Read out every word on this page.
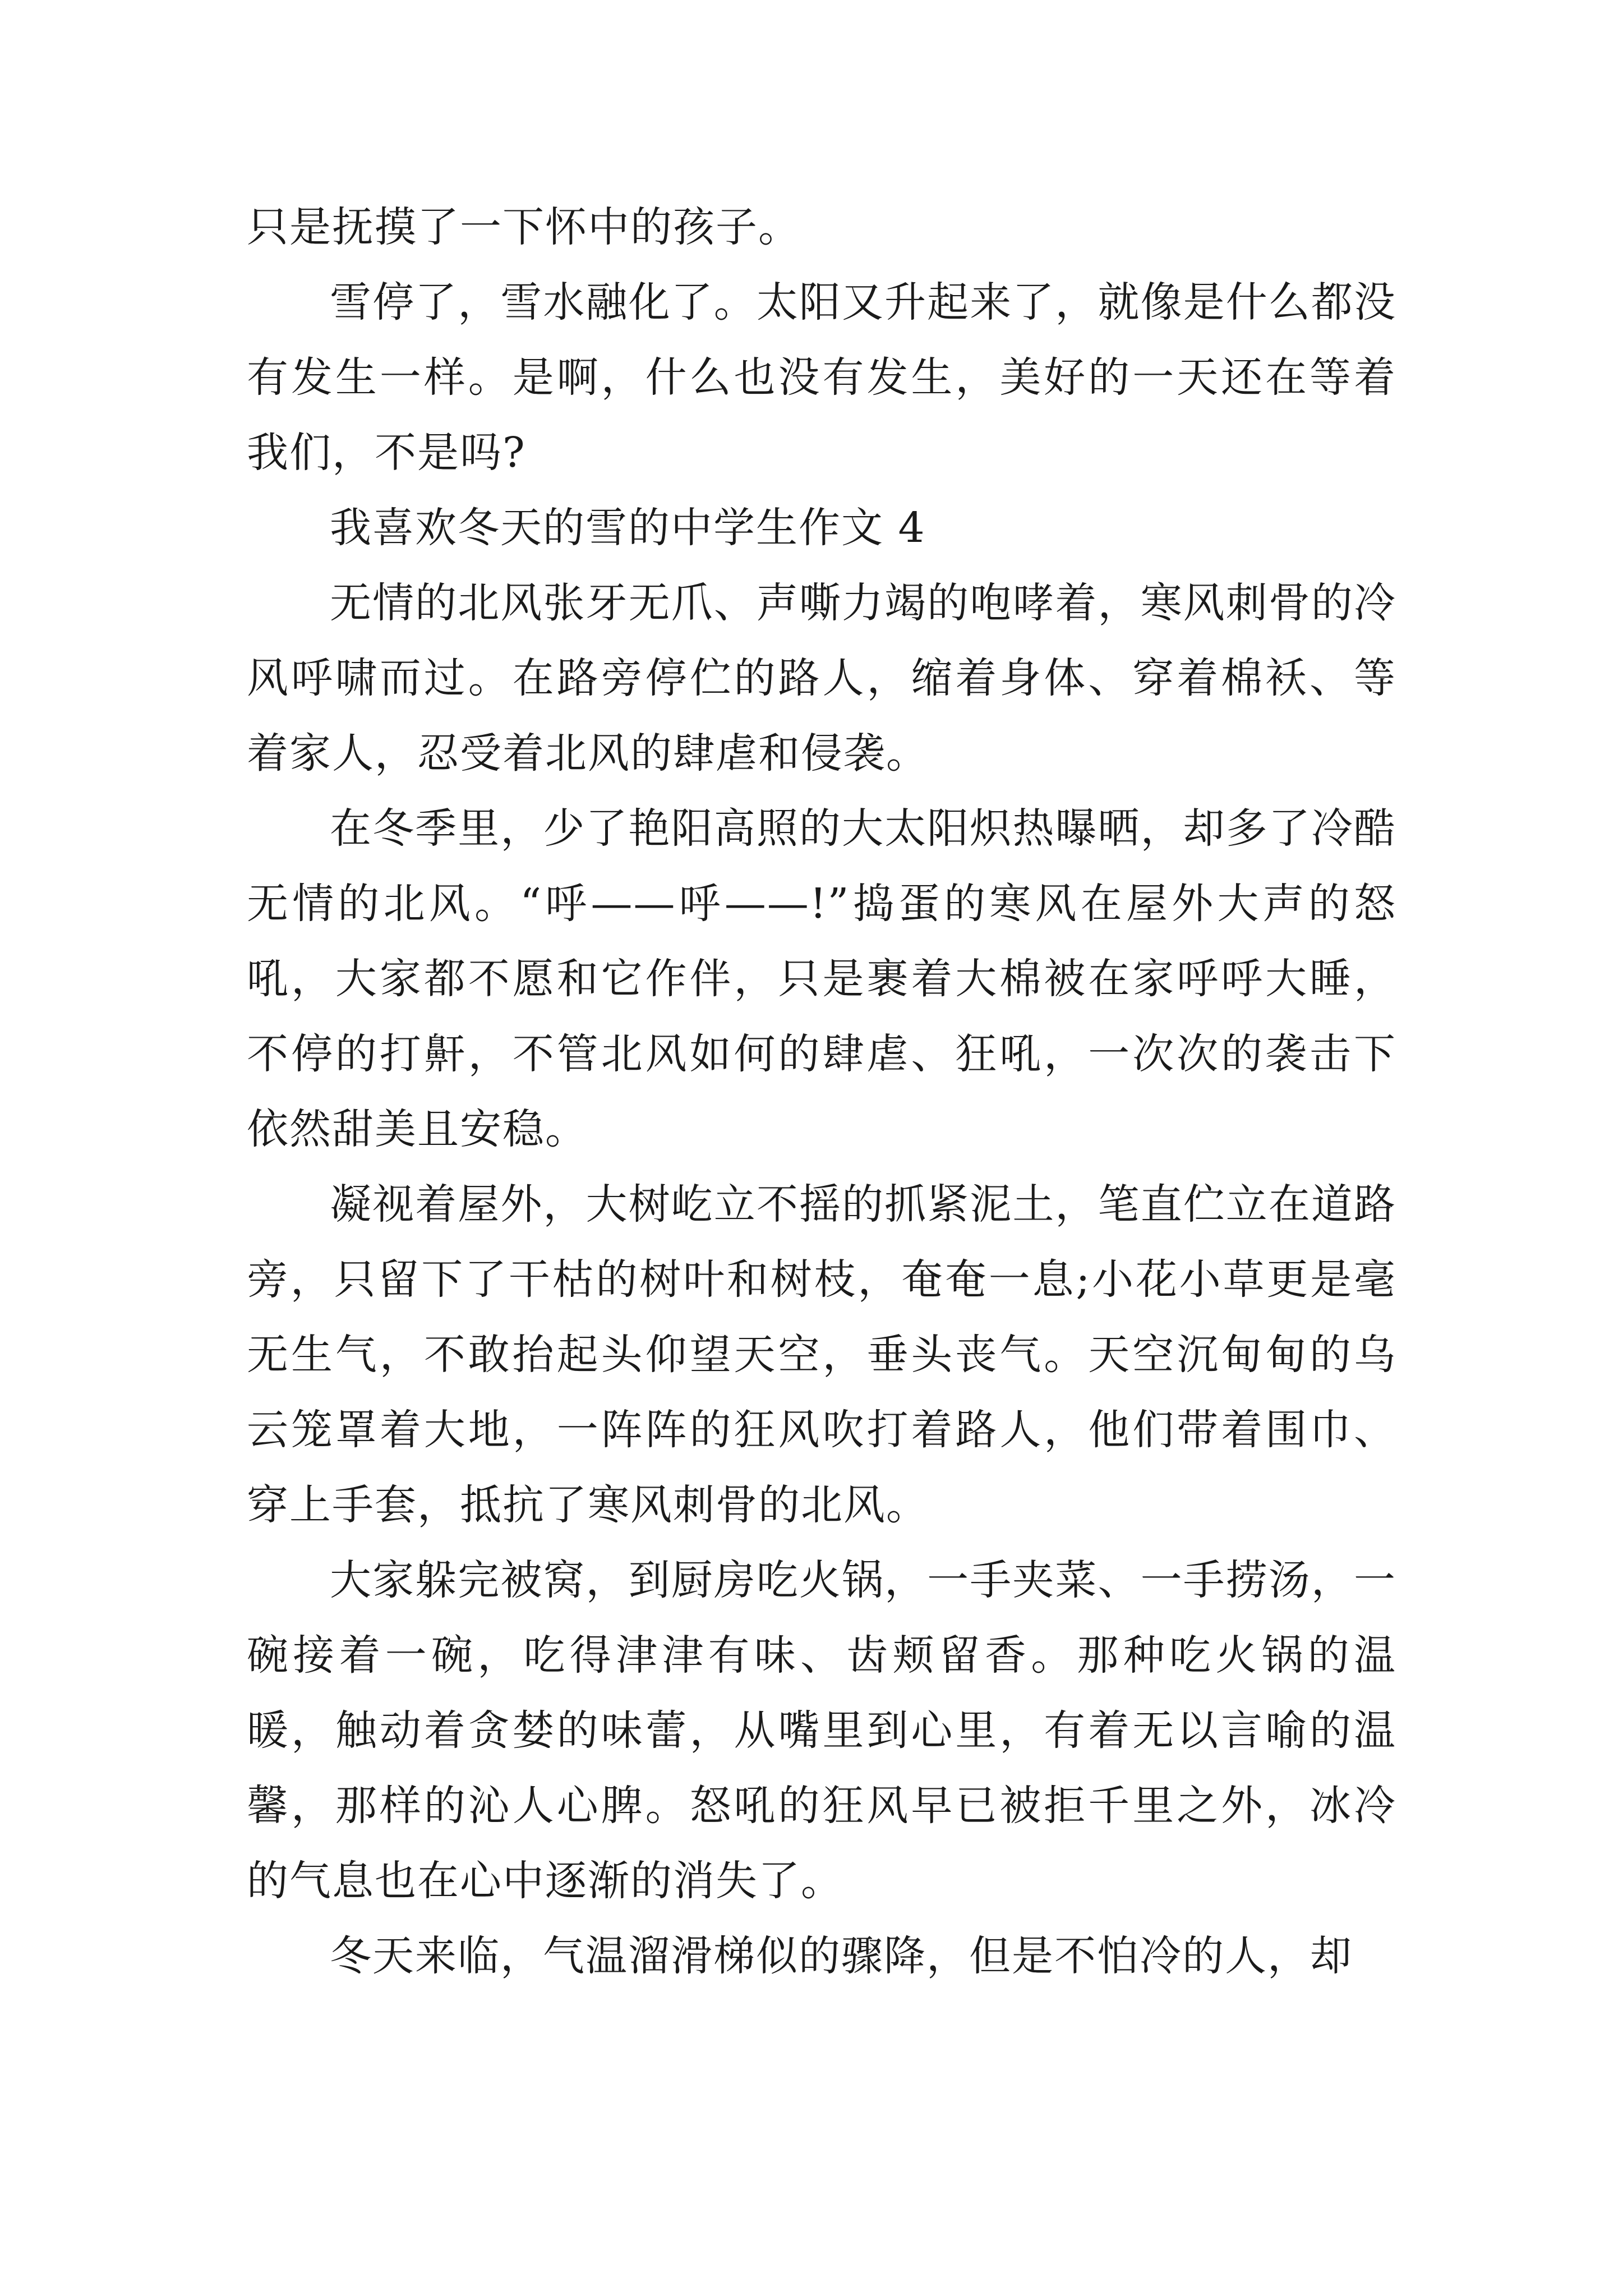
只是抚摸了一下怀中的孩子。

雪停了，雪水融化了。太阳又升起来了，就像是什么都没有发生一样。是啊，什么也没有发生，美好的一天还在等着我们，不是吗?

我喜欢冬天的雪的中学生作文 4

无情的北风张牙无爪、声嘶力竭的咆哮着，寒风刺骨的冷风呼啸而过。在路旁停伫的路人，缩着身体、穿着棉袄、等着家人，忍受着北风的肆虐和侵袭。

在冬季里，少了艳阳高照的大太阳炽热曝晒，却多了冷酷无情的北风。“呼——呼——!”捣蛋的寒风在屋外大声的怒吼，大家都不愿和它作伴，只是裹着大棉被在家呼呼大睡，不停的打鼾，不管北风如何的肆虐、狂吼，一次次的袭击下依然甜美且安稳。

凝视着屋外，大树屹立不摇的抓紧泥土，笔直伫立在道路旁，只留下了干枯的树叶和树枝，奄奄一息;小花小草更是毫无生气，不敢抬起头仰望天空，垂头丧气。天空沉甸甸的乌云笼罩着大地，一阵阵的狂风吹打着路人，他们带着围巾、穿上手套，抵抗了寒风刺骨的北风。

大家躲完被窝，到厨房吃火锅，一手夹菜、一手捞汤，一碗接着一碗，吃得津津有味、齿颊留香。那种吃火锅的温暖，触动着贪婪的味蕾，从嘴里到心里，有着无以言喻的温馨，那样的沁人心脾。怒吼的狂风早已被拒千里之外，冰冷的气息也在心中逐渐的消失了。

冬天来临，气温溜滑梯似的骤降，但是不怕冷的人，却
